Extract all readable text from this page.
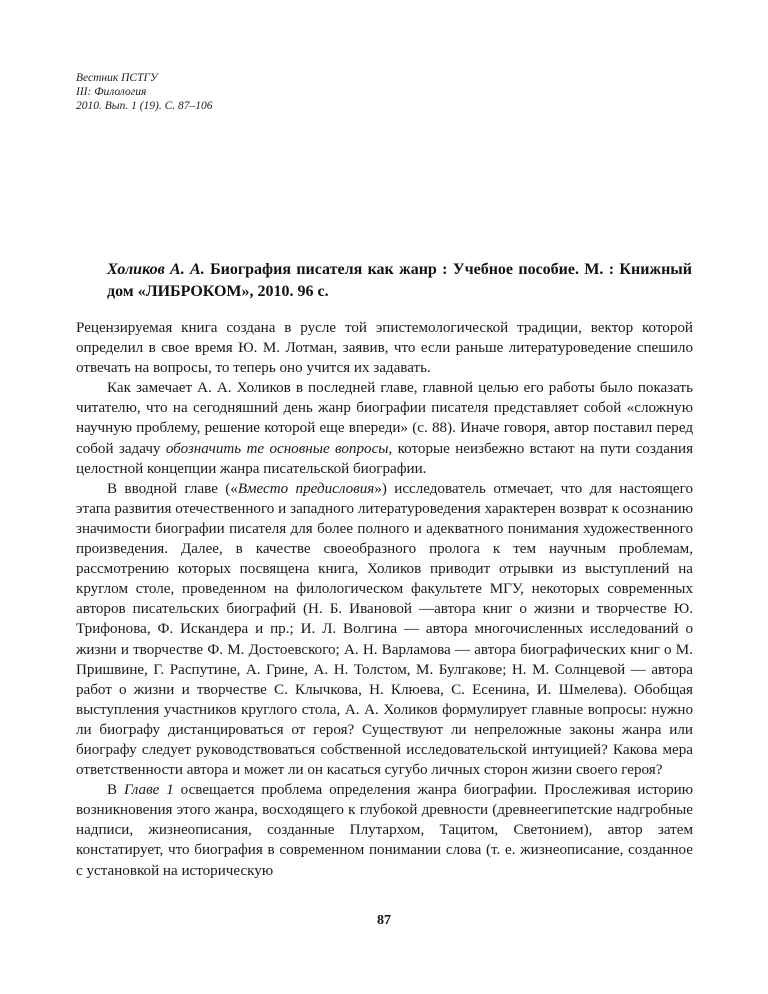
Вестник ПСТГУ
III: Филология
2010. Вып. 1 (19). С. 87–106
Холиков А. А. Биография писателя как жанр : Учебное пособие. М. : Книжный дом «ЛИБРОКОМ», 2010. 96 с.

Рецензируемая книга создана в русле той эпистемологической традиции, вектор которой определил в свое время Ю. М. Лотман, заявив, что если раньше литературоведение спешило отвечать на вопросы, то теперь оно учится их задавать.

Как замечает А. А. Холиков в последней главе, главной целью его работы было показать читателю, что на сегодняшний день жанр биографии писателя представляет собой «сложную научную проблему, решение которой еще впереди» (с. 88). Иначе говоря, автор поставил перед собой задачу обозначить те основные вопросы, которые неизбежно встают на пути создания целостной концепции жанра писательской биографии.

В вводной главе («Вместо предисловия») исследователь отмечает, что для настоящего этапа развития отечественного и западного литературоведения характерен возврат к осознанию значимости биографии писателя для более полного и адекватного понимания художественного произведения. Далее, в качестве своеобразного пролога к тем научным проблемам, рассмотрению которых посвящена книга, Холиков приводит отрывки из выступлений на круглом столе, проведенном на филологическом факультете МГУ, некоторых современных авторов писательских биографий (Н. Б. Ивановой —автора книг о жизни и творчестве Ю. Трифонова, Ф. Искандера и пр.; И. Л. Волгина — автора многочисленных исследований о жизни и творчестве Ф. М. Достоевского; А. Н. Варламова — автора биографических книг о М. Пришвине, Г. Распутине, А. Грине, А. Н. Толстом, М. Булгакове; Н. М. Солнцевой — автора работ о жизни и творчестве С. Клычкова, Н. Клюева, С. Есенина, И. Шмелева). Обобщая выступления участников круглого стола, А. А. Холиков формулирует главные вопросы: нужно ли биографу дистанцироваться от героя? Существуют ли непреложные законы жанра или биографу следует руководствоваться собственной исследовательской интуицией? Какова мера ответственности автора и может ли он касаться сугубо личных сторон жизни своего героя?

В Главе 1 освещается проблема определения жанра биографии. Прослеживая историю возникновения этого жанра, восходящего к глубокой древности (древнеегипетские надгробные надписи, жизнеописания, созданные Плутархом, Тацитом, Светонием), автор затем констатирует, что биография в современном понимании слова (т. е. жизнеописание, созданное с установкой на историческую

87
